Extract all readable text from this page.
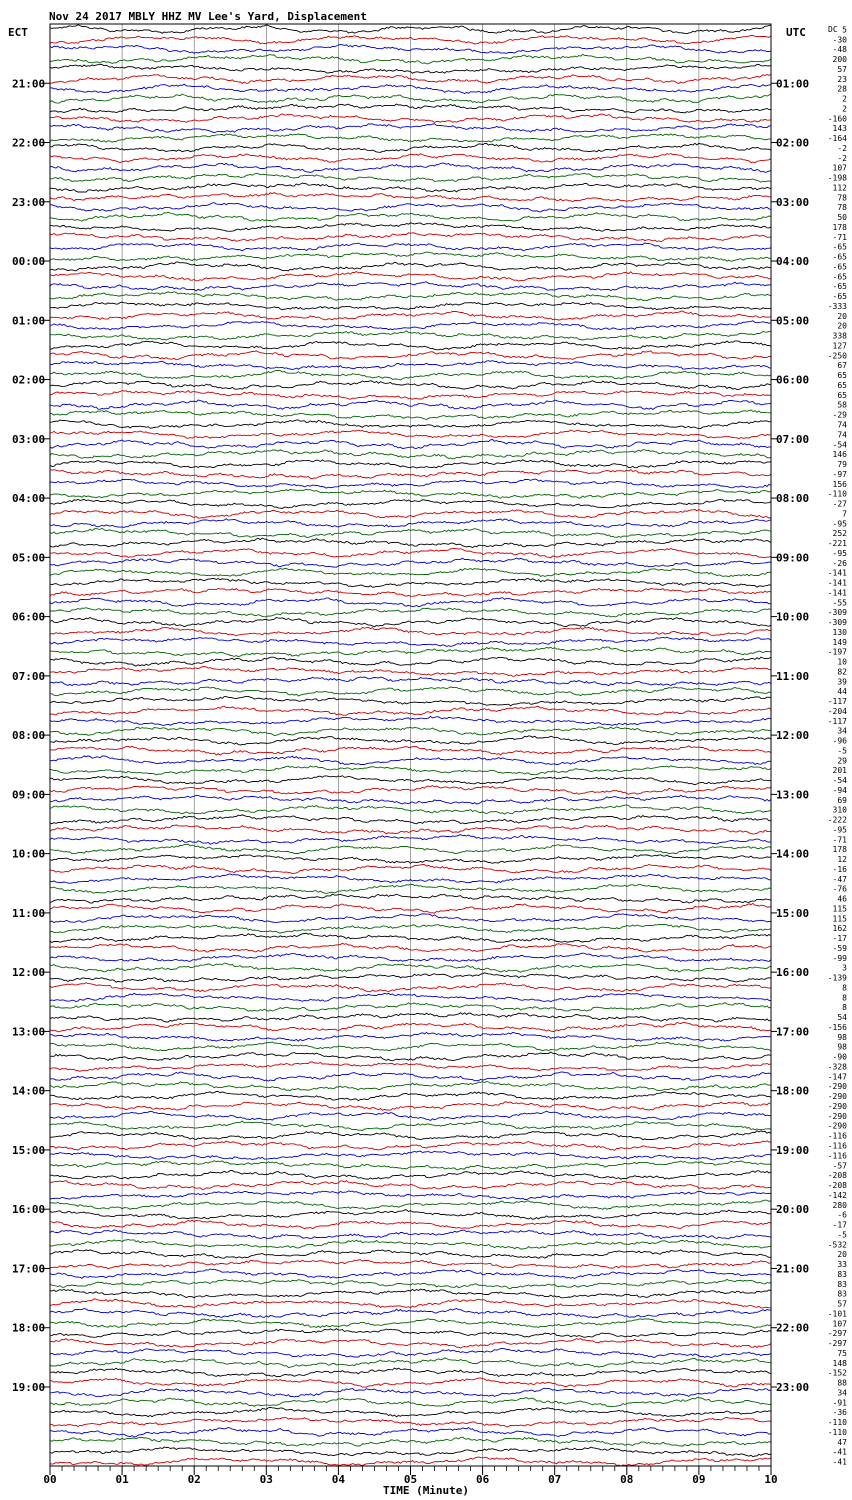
Nov 24 2017 MBLY HHZ MV Lee's Yard, Displacement
ECT	UTC	DC
21:00
22:00
23:00
00:00
01:00
02:00
03:00
04:00
05:00
06:00
07:00
08:00
09:00
10:00
11:00
12:00
13:00
14:00
15:00
16:00
17:00
18:00
19:00
01:00
02:00
03:00
04:00
05:00
06:00
07:00
08:00
09:00
10:00
11:00
12:00
13:00
14:00
15:00
16:00
17:00
18:00
19:00
20:00
21:00
22:00
23:00
5
-30
-48
200
57
23
28
2
2
-160
143
-164
-2
-2
107
-198
112
78
78
50
178
-71
-65
-65
-65
-65
-65
-65
-333
20
20
338
127
-250
67
65
65
65
58
-29
74
74
-54
146
79
-97
156
-110
-27
7
-95
252
-221
-95
-26
-141
-141
-141
-55
-309
-309
130
149
-197
10
82
39
44
-117
-204
-117
34
-96
-5
29
201
-54
-94
69
310
-222
-95
-71
178
12
-16
-47
-76
46
115
115
162
-17
-59
-99
3
-139
8
8
8
54
-156
98
98
-90
-328
-147
-290
-290
-290
-290
-290
-116
-116
-116
-57
-208
-208
-142
280
-6
-17
-5
-532
20
33
83
83
83
57
-101
107
-297
-297
75
148
-152
88
34
-91
-36
-110
-110
47
-41
-41
00	01	02	03	04	05	06	07	08	09	10
TIME (Minute)
